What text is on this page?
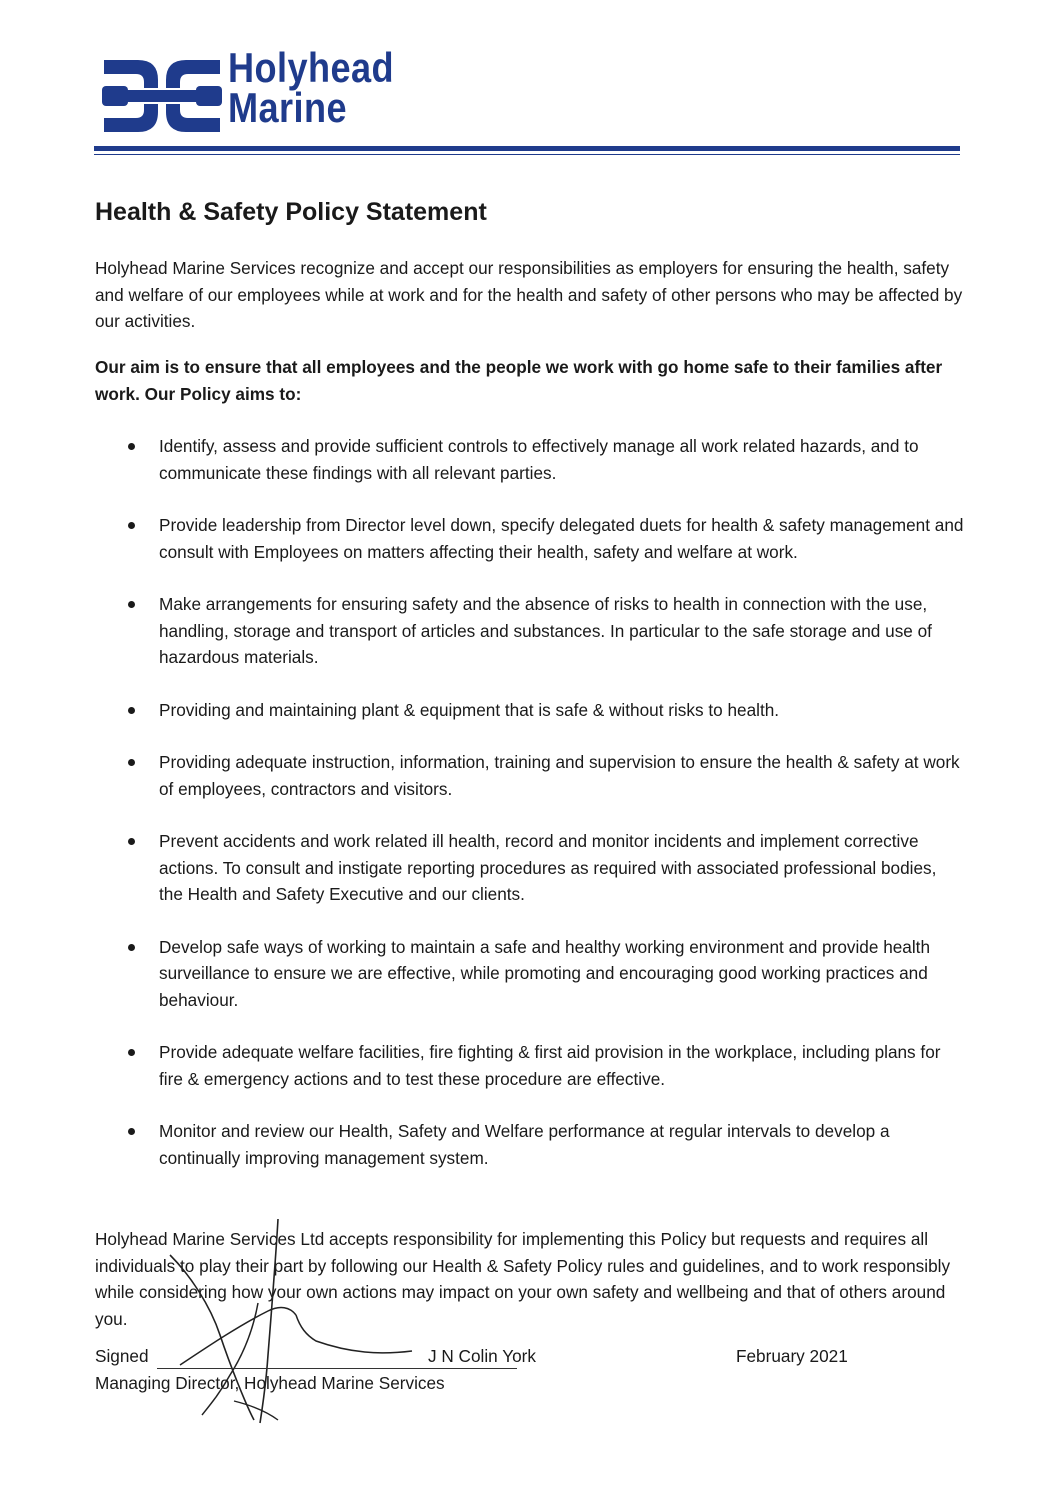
Holyhead
Marine
Health & Safety Policy Statement

Holyhead Marine Services recognize and accept our responsibilities as employers for ensuring the health, safety and welfare of our employees while at work and for the health and safety of other persons who may be affected by our activities.

Our aim is to ensure that all employees and the people we work with go home safe to their families after work. Our Policy aims to:

Identify, assess and provide sufficient controls to effectively manage all work related hazards, and to communicate these findings with all relevant parties.
Provide leadership from Director level down, specify delegated duets for health & safety management and consult with Employees on matters affecting their health, safety and welfare at work.
Make arrangements for ensuring safety and the absence of risks to health in connection with the use, handling, storage and transport of articles and substances. In particular to the safe storage and use of hazardous materials.
Providing and maintaining plant & equipment that is safe & without risks to health.
Providing adequate instruction, information, training and supervision to ensure the health & safety at work of employees, contractors and visitors.
Prevent accidents and work related ill health, record and monitor incidents and implement corrective actions. To consult and instigate reporting procedures as required with associated professional bodies, the Health and Safety Executive and our clients.
Develop safe ways of working to maintain a safe and healthy working environment and provide health surveillance to ensure we are effective, while promoting and encouraging good working practices and behaviour.
Provide adequate welfare facilities, fire fighting & first aid provision in the workplace, including plans for fire & emergency actions and to test these procedure are effective.
Monitor and review our Health, Safety and Welfare performance at regular intervals to develop a continually improving management system.

Holyhead Marine Services Ltd accepts responsibility for implementing this Policy but requests and requires all individuals to play their part by following our Health & Safety Policy rules and guidelines, and to work responsibly while considering how your own actions may impact on your own safety and wellbeing and that of others around you.

Signed	J N Colin York	February 2021

Managing Director, Holyhead Marine Services
